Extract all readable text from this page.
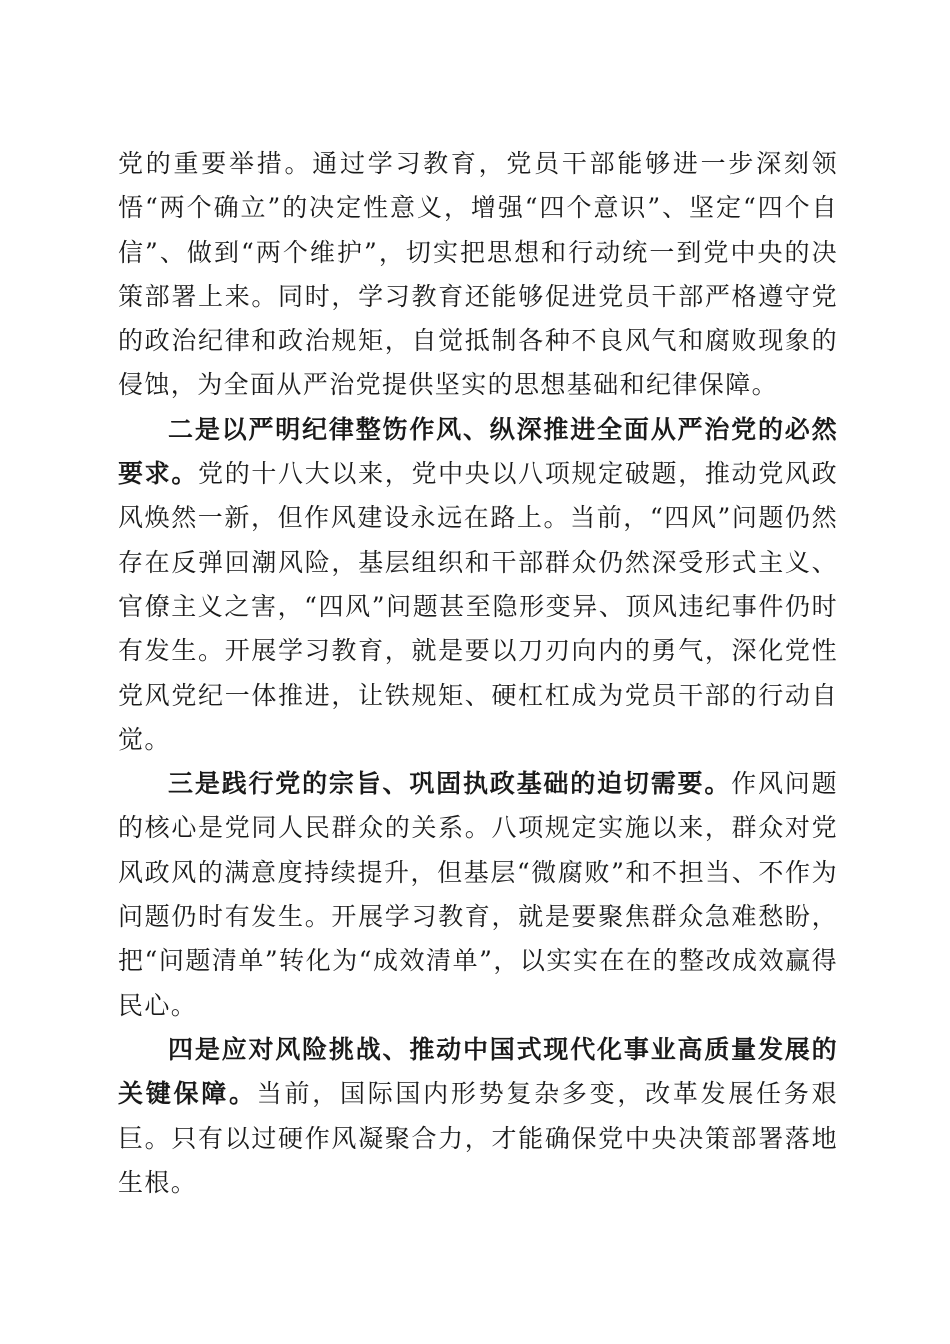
党的重要举措。通过学习教育，党员干部能够进一步深刻领悟“两个确立”的决定性意义，增强“四个意识”、坚定“四个自信”、做到“两个维护”，切实把思想和行动统一到党中央的决策部署上来。同时，学习教育还能够促进党员干部严格遵守党的政治纪律和政治规矩，自觉抵制各种不良风气和腐败现象的侵蚀，为全面从严治党提供坚实的思想基础和纪律保障。

二是以严明纪律整饬作风、纵深推进全面从严治党的必然要求。党的十八大以来，党中央以八项规定破题，推动党风政风焕然一新，但作风建设永远在路上。当前，“四风”问题仍然存在反弹回潮风险，基层组织和干部群众仍然深受形式主义、官僚主义之害，“四风”问题甚至隐形变异、顶风违纪事件仍时有发生。开展学习教育，就是要以刀刃向内的勇气，深化党性党风党纪一体推进，让铁规矩、硬杠杠成为党员干部的行动自觉。

三是践行党的宗旨、巩固执政基础的迫切需要。作风问题的核心是党同人民群众的关系。八项规定实施以来，群众对党风政风的满意度持续提升，但基层“微腐败”和不担当、不作为问题仍时有发生。开展学习教育，就是要聚焦群众急难愁盼，把“问题清单”转化为“成效清单”，以实实在在的整改成效赢得民心。

四是应对风险挑战、推动中国式现代化事业高质量发展的关键保障。当前，国际国内形势复杂多变，改革发展任务艰巨。只有以过硬作风凝聚合力，才能确保党中央决策部署落地生根。
